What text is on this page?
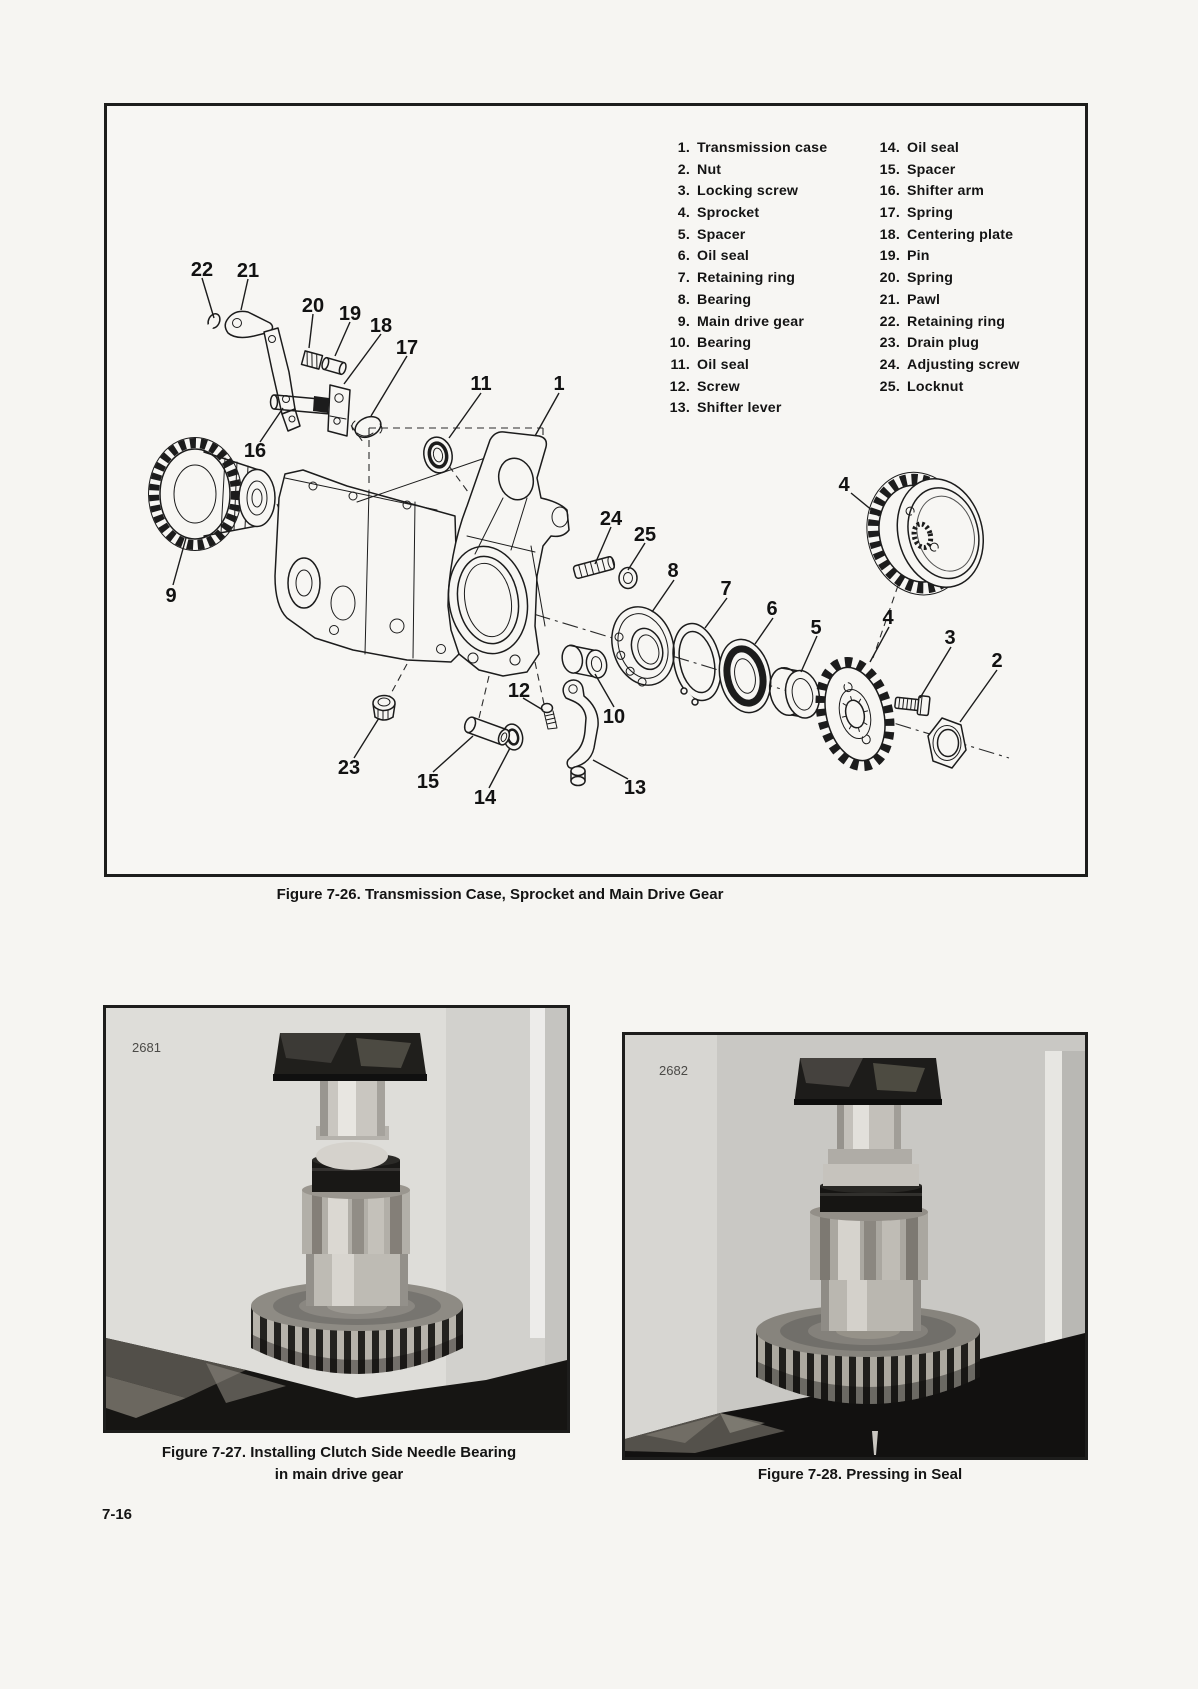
22 21
20 19
18
17
11	1
16
9
24
25
8
7
6
5
4
4
3
2
12
10
23
15
14	13
1. Transmission case
2. Nut
3. Locking screw
4. Sprocket
5. Spacer
6. Oil seal
7. Retaining ring
8. Bearing
9. Main drive gear
10. Bearing
11. Oil seal
12. Screw
13. Shifter lever
14. Oil seal
15. Spacer
16. Shifter arm
17. Spring
18. Centering plate
19. Pin
20. Spring
21. Pawl
22. Retaining ring
23. Drain plug
24. Adjusting screw
25. Locknut
Figure 7-26. Transmission Case, Sprocket and Main Drive Gear
2681
2682
Figure 7-27. Installing Clutch Side Needle Bearing
in main drive gear	Figure 7-28. Pressing in Seal
7-16
